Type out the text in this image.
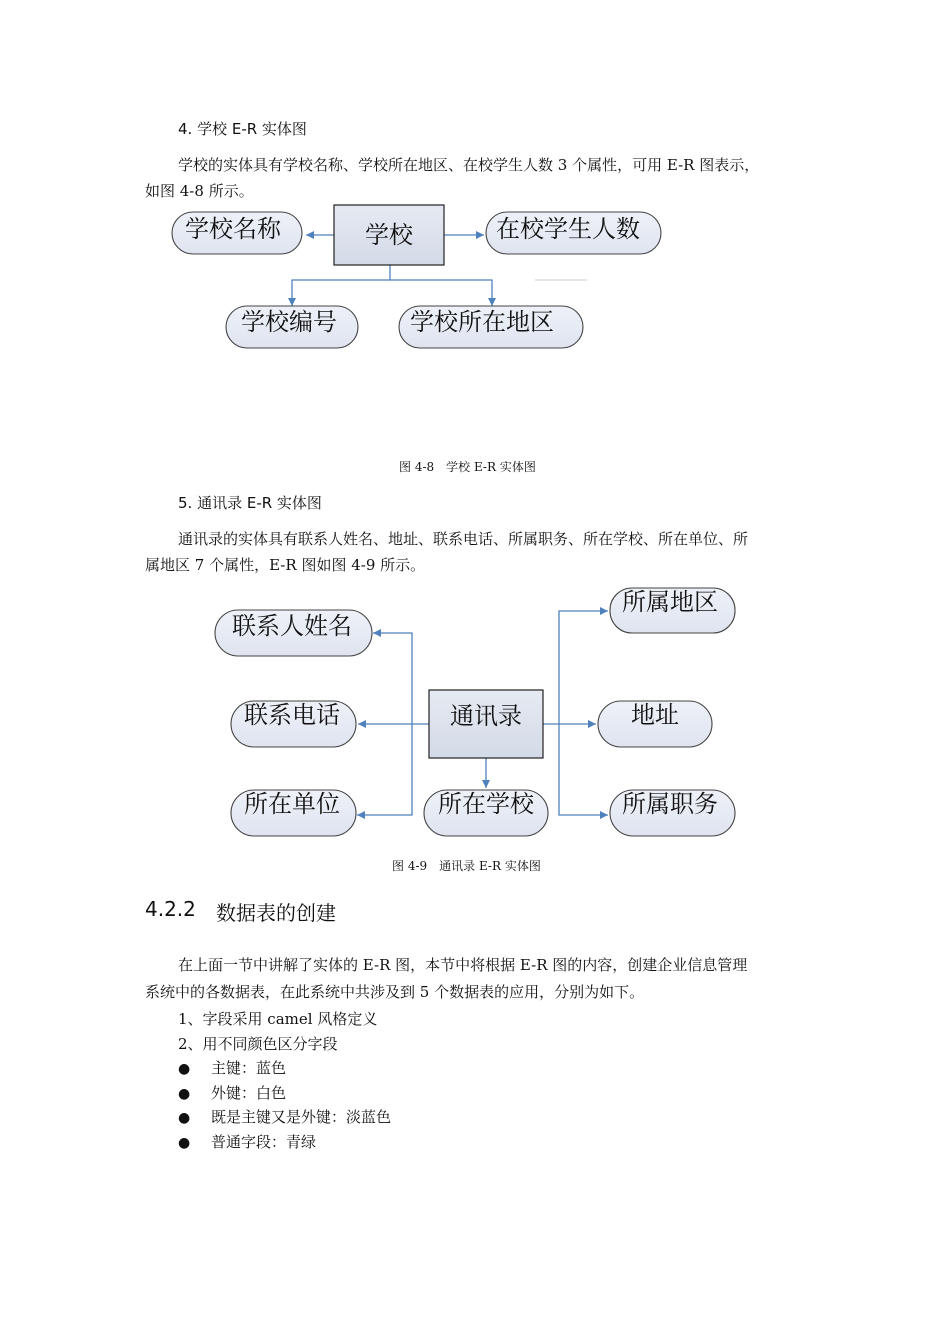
4. 学校 E-R 实体图
学校的实体具有学校名称、学校所在地区、在校学生人数 3 个属性，可用 E-R 图表示，
如图 4-8 所示。
学校
学校名称	在校学生人数
学校编号	学校所在地区
通讯录
联系人姓名
联系电话
所在单位	所在学校
所属地区
地址
所属职务
图 4-8　学校 E-R 实体图
5. 通讯录 E-R 实体图
通讯录的实体具有联系人姓名、地址、联系电话、所属职务、所在学校、所在单位、所
属地区 7 个属性，E-R 图如图 4-9 所示。
图 4-9　通讯录 E-R 实体图
4.2.2 数据表的创建
在上面一节中讲解了实体的 E-R 图，本节中将根据 E-R 图的内容，创建企业信息管理
系统中的各数据表，在此系统中共涉及到 5 个数据表的应用，分别为如下。
1、字段采用 camel 风格定义
2、用不同颜色区分字段
● 主键：蓝色
● 外键：白色
● 既是主键又是外键：淡蓝色
● 普通字段：青绿
